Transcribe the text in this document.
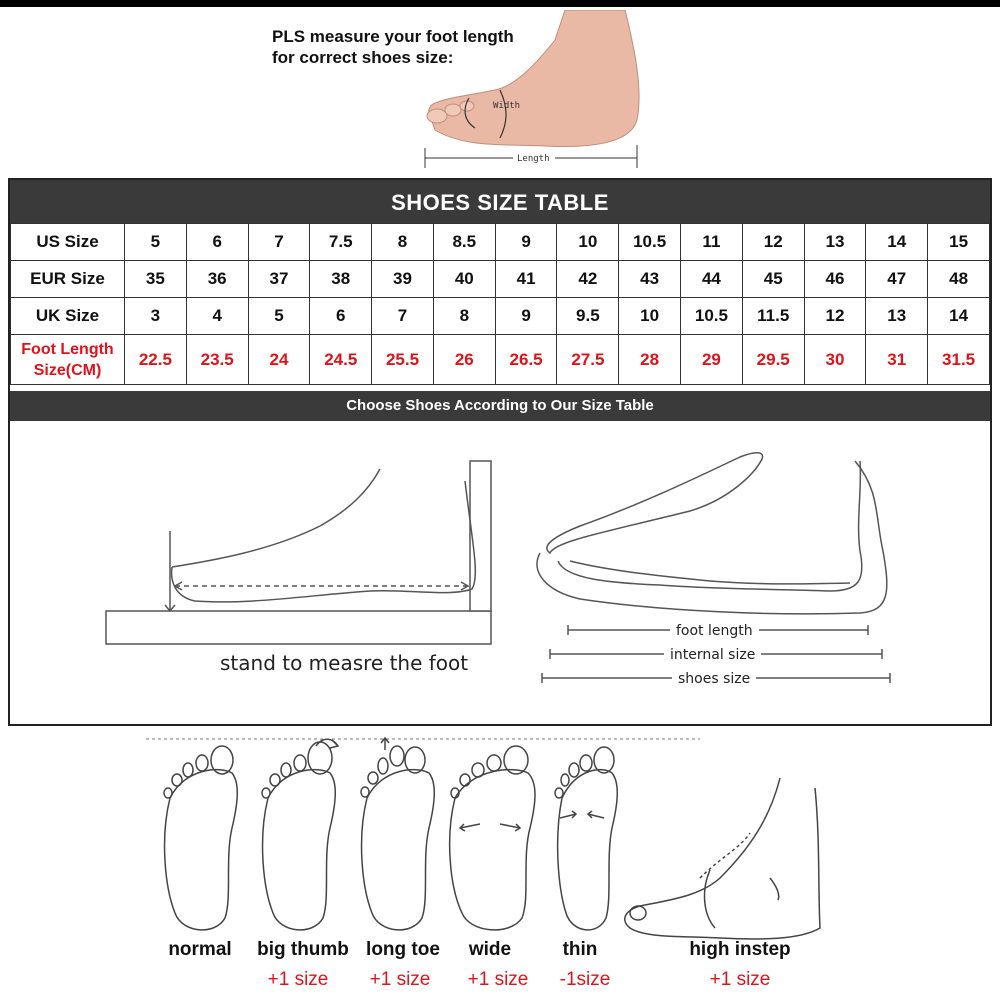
PLS measure your foot length
for correct shoes size:
Width
Length
SHOES SIZE TABLE
US Size	5	6	7	7.5	8	8.5	9	10	10.5	11	12	13	14	15
EUR Size	35	36	37	38	39	40	41	42	43	44	45	46	47	48
UK Size	3	4	5	6	7	8	9	9.5	10	10.5	11.5	12	13	14

Foot Length
Size(CM)	22.5	23.5	24	24.5	25.5	26	26.5	27.5	28	29	29.5	30	31	31.5
Choose Shoes According to Our Size Table
stand to measre the foot
foot length
internal size
shoes size
normal	big thumb
+1 size
long toe
+1 size
wide
+1 size
thin
-1size
high instep
+1 size
